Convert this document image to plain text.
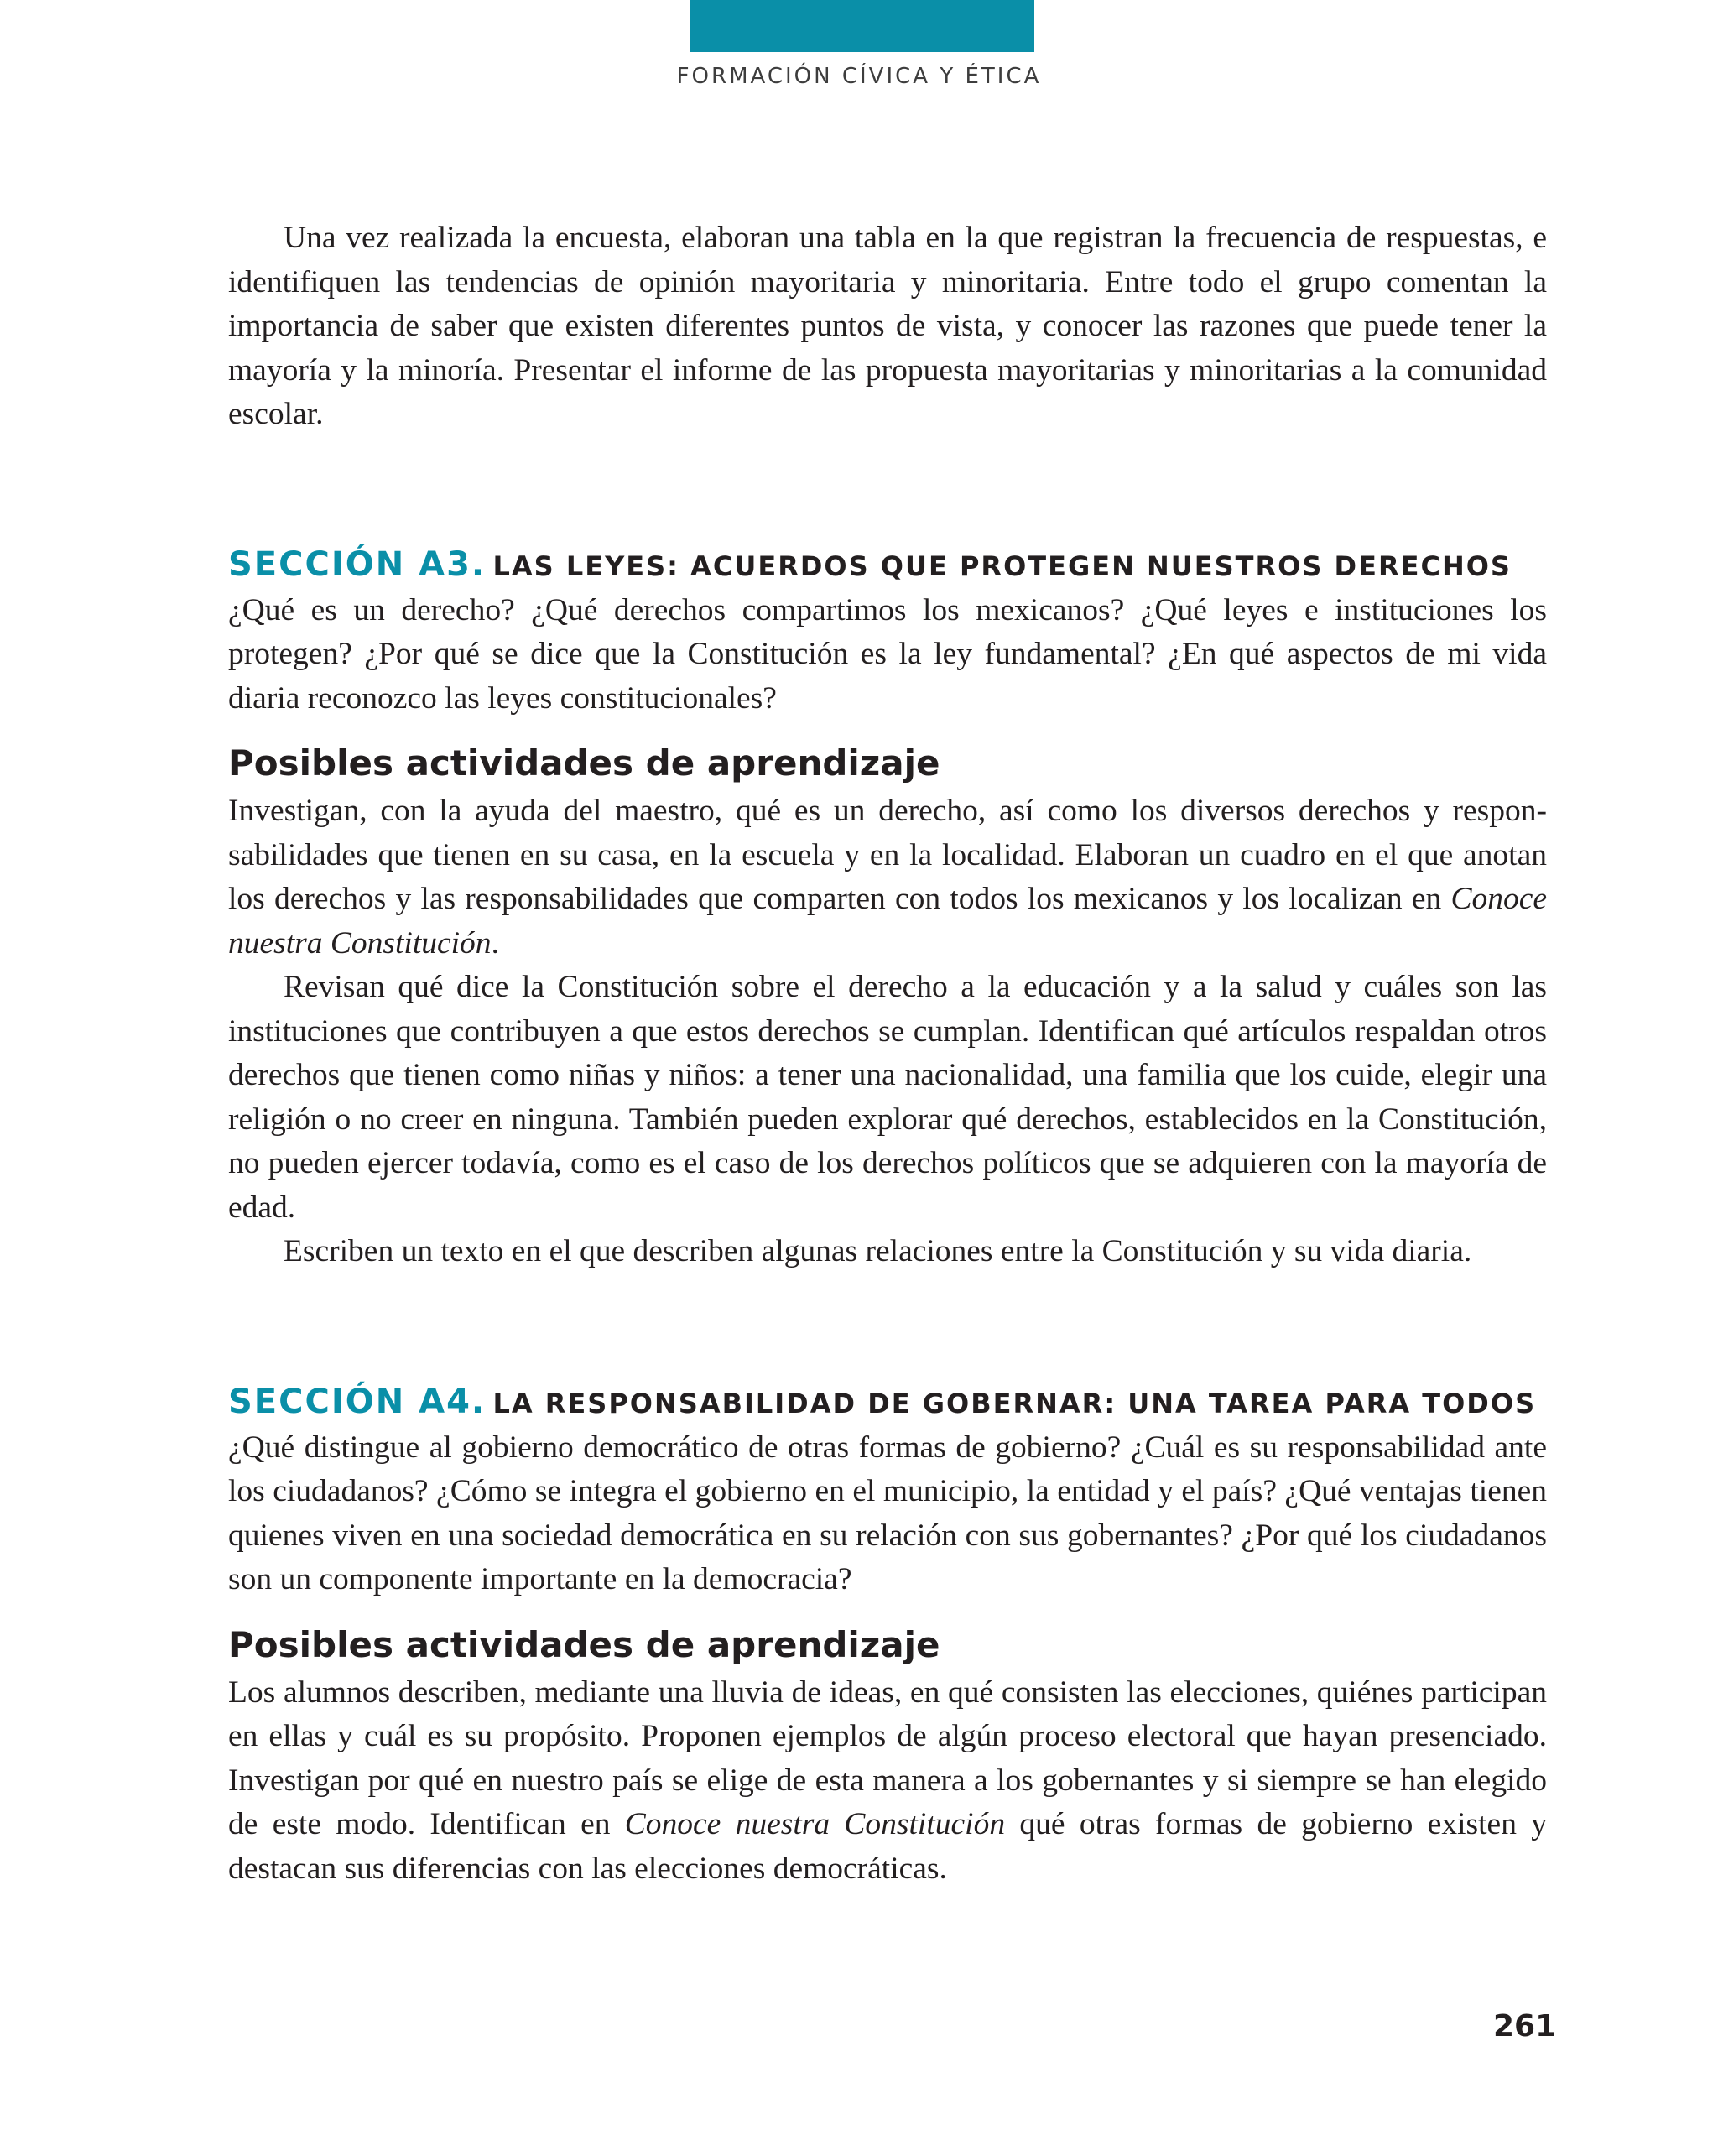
FORMACIÓN CÍVICA Y ÉTICA

Una vez realizada la encuesta, elaboran una tabla en la que registran la frecuencia de respuestas, e identifiquen las tendencias de opinión mayoritaria y minoritaria. Entre todo el grupo comentan la importancia de saber que existen diferentes puntos de vista, y conocer las razones que puede tener la mayoría y la minoría. Presentar el informe de las propuesta mayoritarias y minoritarias a la comunidad escolar.

SECCIÓN A3. LAS LEYES: ACUERDOS QUE PROTEGEN NUESTROS DERECHOS

¿Qué es un derecho? ¿Qué derechos compartimos los mexicanos? ¿Qué leyes e instituciones los protegen? ¿Por qué se dice que la Constitución es la ley fundamental? ¿En qué aspectos de mi vida diaria reconozco las leyes constitucionales?

Posibles actividades de aprendizaje

Investigan, con la ayuda del maestro, qué es un derecho, así como los diversos derechos y responsabilidades que tienen en su casa, en la escuela y en la localidad. Elaboran un cuadro en el que anotan los derechos y las responsabilidades que comparten con todos los mexicanos y los localizan en Conoce nuestra Constitución.

Revisan qué dice la Constitución sobre el derecho a la educación y a la salud y cuáles son las instituciones que contribuyen a que estos derechos se cumplan. Identifican qué artículos respaldan otros derechos que tienen como niñas y niños: a tener una nacionalidad, una familia que los cuide, elegir una religión o no creer en ninguna. También pueden explorar qué derechos, establecidos en la Constitución, no pueden ejercer todavía, como es el caso de los derechos políticos que se adquieren con la mayoría de edad.

Escriben un texto en el que describen algunas relaciones entre la Constitución y su vida diaria.

SECCIÓN A4. LA RESPONSABILIDAD DE GOBERNAR: UNA TAREA PARA TODOS

¿Qué distingue al gobierno democrático de otras formas de gobierno? ¿Cuál es su responsabilidad ante los ciudadanos? ¿Cómo se integra el gobierno en el municipio, la entidad y el país? ¿Qué ventajas tienen quienes viven en una sociedad democrática en su relación con sus gobernantes? ¿Por qué los ciudadanos son un componente importante en la democracia?

Posibles actividades de aprendizaje

Los alumnos describen, mediante una lluvia de ideas, en qué consisten las elecciones, quiénes participan en ellas y cuál es su propósito. Proponen ejemplos de algún proceso electoral que hayan presenciado. Investigan por qué en nuestro país se elige de esta manera a los gobernantes y si siempre se han elegido de este modo. Identifican en Conoce nuestra Constitución qué otras formas de gobierno existen y destacan sus diferencias con las elecciones democráticas.

261
